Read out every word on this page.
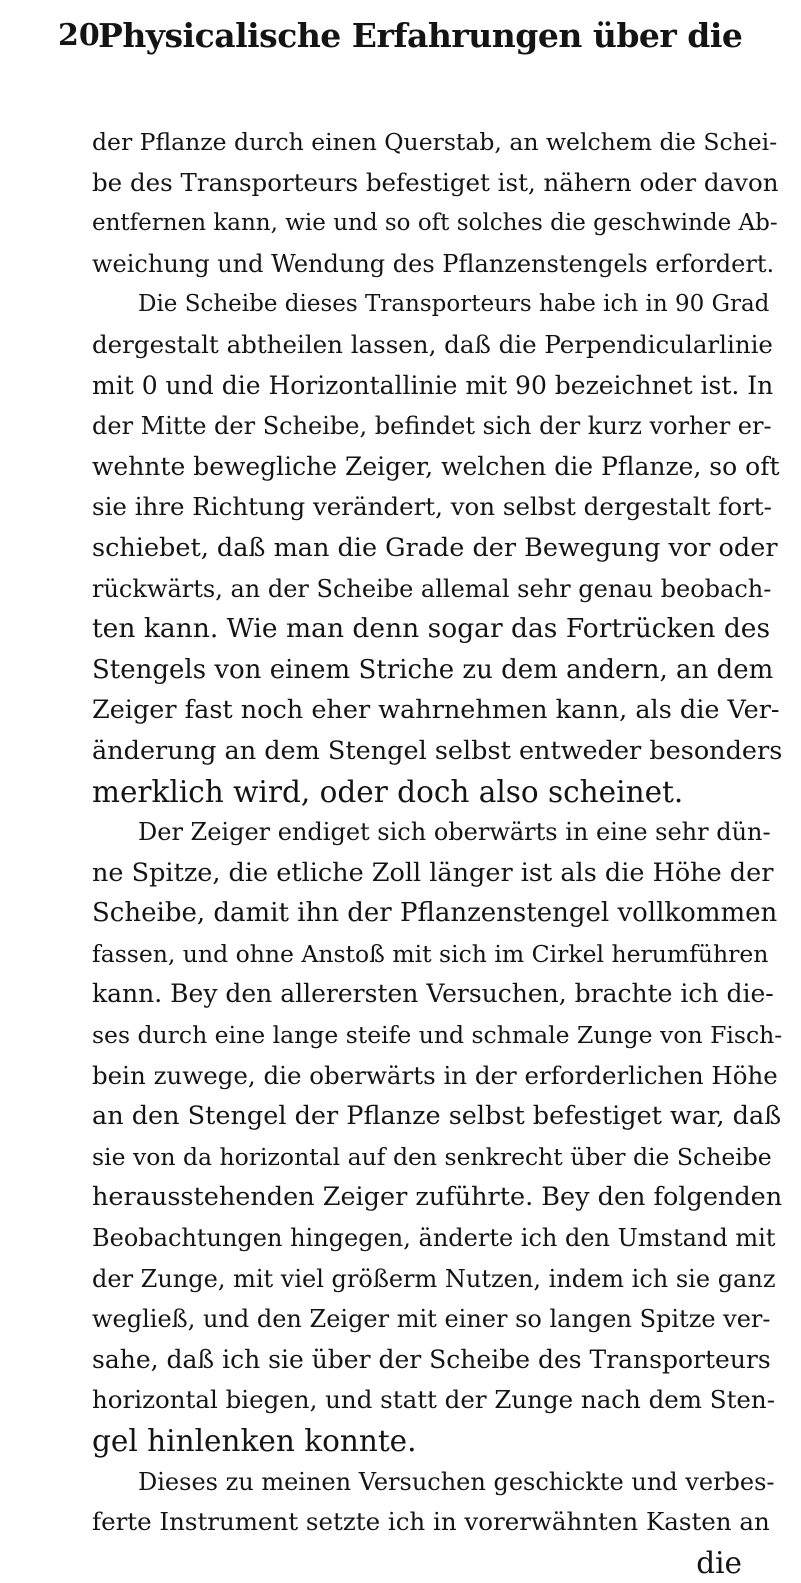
20
Physicalische Erfahrungen über die
der Pflanze durch einen Querstab, an welchem die Schei-
be des Transporteurs befestiget ist, nähern oder davon
entfernen kann, wie und so oft solches die geschwinde Ab-
weichung und Wendung des Pflanzenstengels erfordert.
Die Scheibe dieses Transporteurs habe ich in 90 Grad
dergestalt abtheilen lassen, daß die Perpendicularlinie
mit 0 und die Horizontallinie mit 90 bezeichnet ist. In
der Mitte der Scheibe, befindet sich der kurz vorher er-
wehnte bewegliche Zeiger, welchen die Pflanze, so oft
sie ihre Richtung verändert, von selbst dergestalt fort-
schiebet, daß man die Grade der Bewegung vor oder
rückwärts, an der Scheibe allemal sehr genau beobach-
ten kann. Wie man denn sogar das Fortrücken des
Stengels von einem Striche zu dem andern, an dem
Zeiger fast noch eher wahrnehmen kann, als die Ver-
änderung an dem Stengel selbst entweder besonders
merklich wird, oder doch also scheinet.
Der Zeiger endiget sich oberwärts in eine sehr dün-
ne Spitze, die etliche Zoll länger ist als die Höhe der
Scheibe, damit ihn der Pflanzenstengel vollkommen
fassen, und ohne Anstoß mit sich im Cirkel herumführen
kann. Bey den allerersten Versuchen, brachte ich die-
ses durch eine lange steife und schmale Zunge von Fisch-
bein zuwege, die oberwärts in der erforderlichen Höhe
an den Stengel der Pflanze selbst befestiget war, daß
sie von da horizontal auf den senkrecht über die Scheibe
herausstehenden Zeiger zuführte. Bey den folgenden
Beobachtungen hingegen, änderte ich den Umstand mit
der Zunge, mit viel größerm Nutzen, indem ich sie ganz
wegließ, und den Zeiger mit einer so langen Spitze ver-
sahe, daß ich sie über der Scheibe des Transporteurs
horizontal biegen, und statt der Zunge nach dem Sten-
gel hinlenken konnte.
Dieses zu meinen Versuchen geschickte und verbes-
ferte Instrument setzte ich in vorerwähnten Kasten an
die
